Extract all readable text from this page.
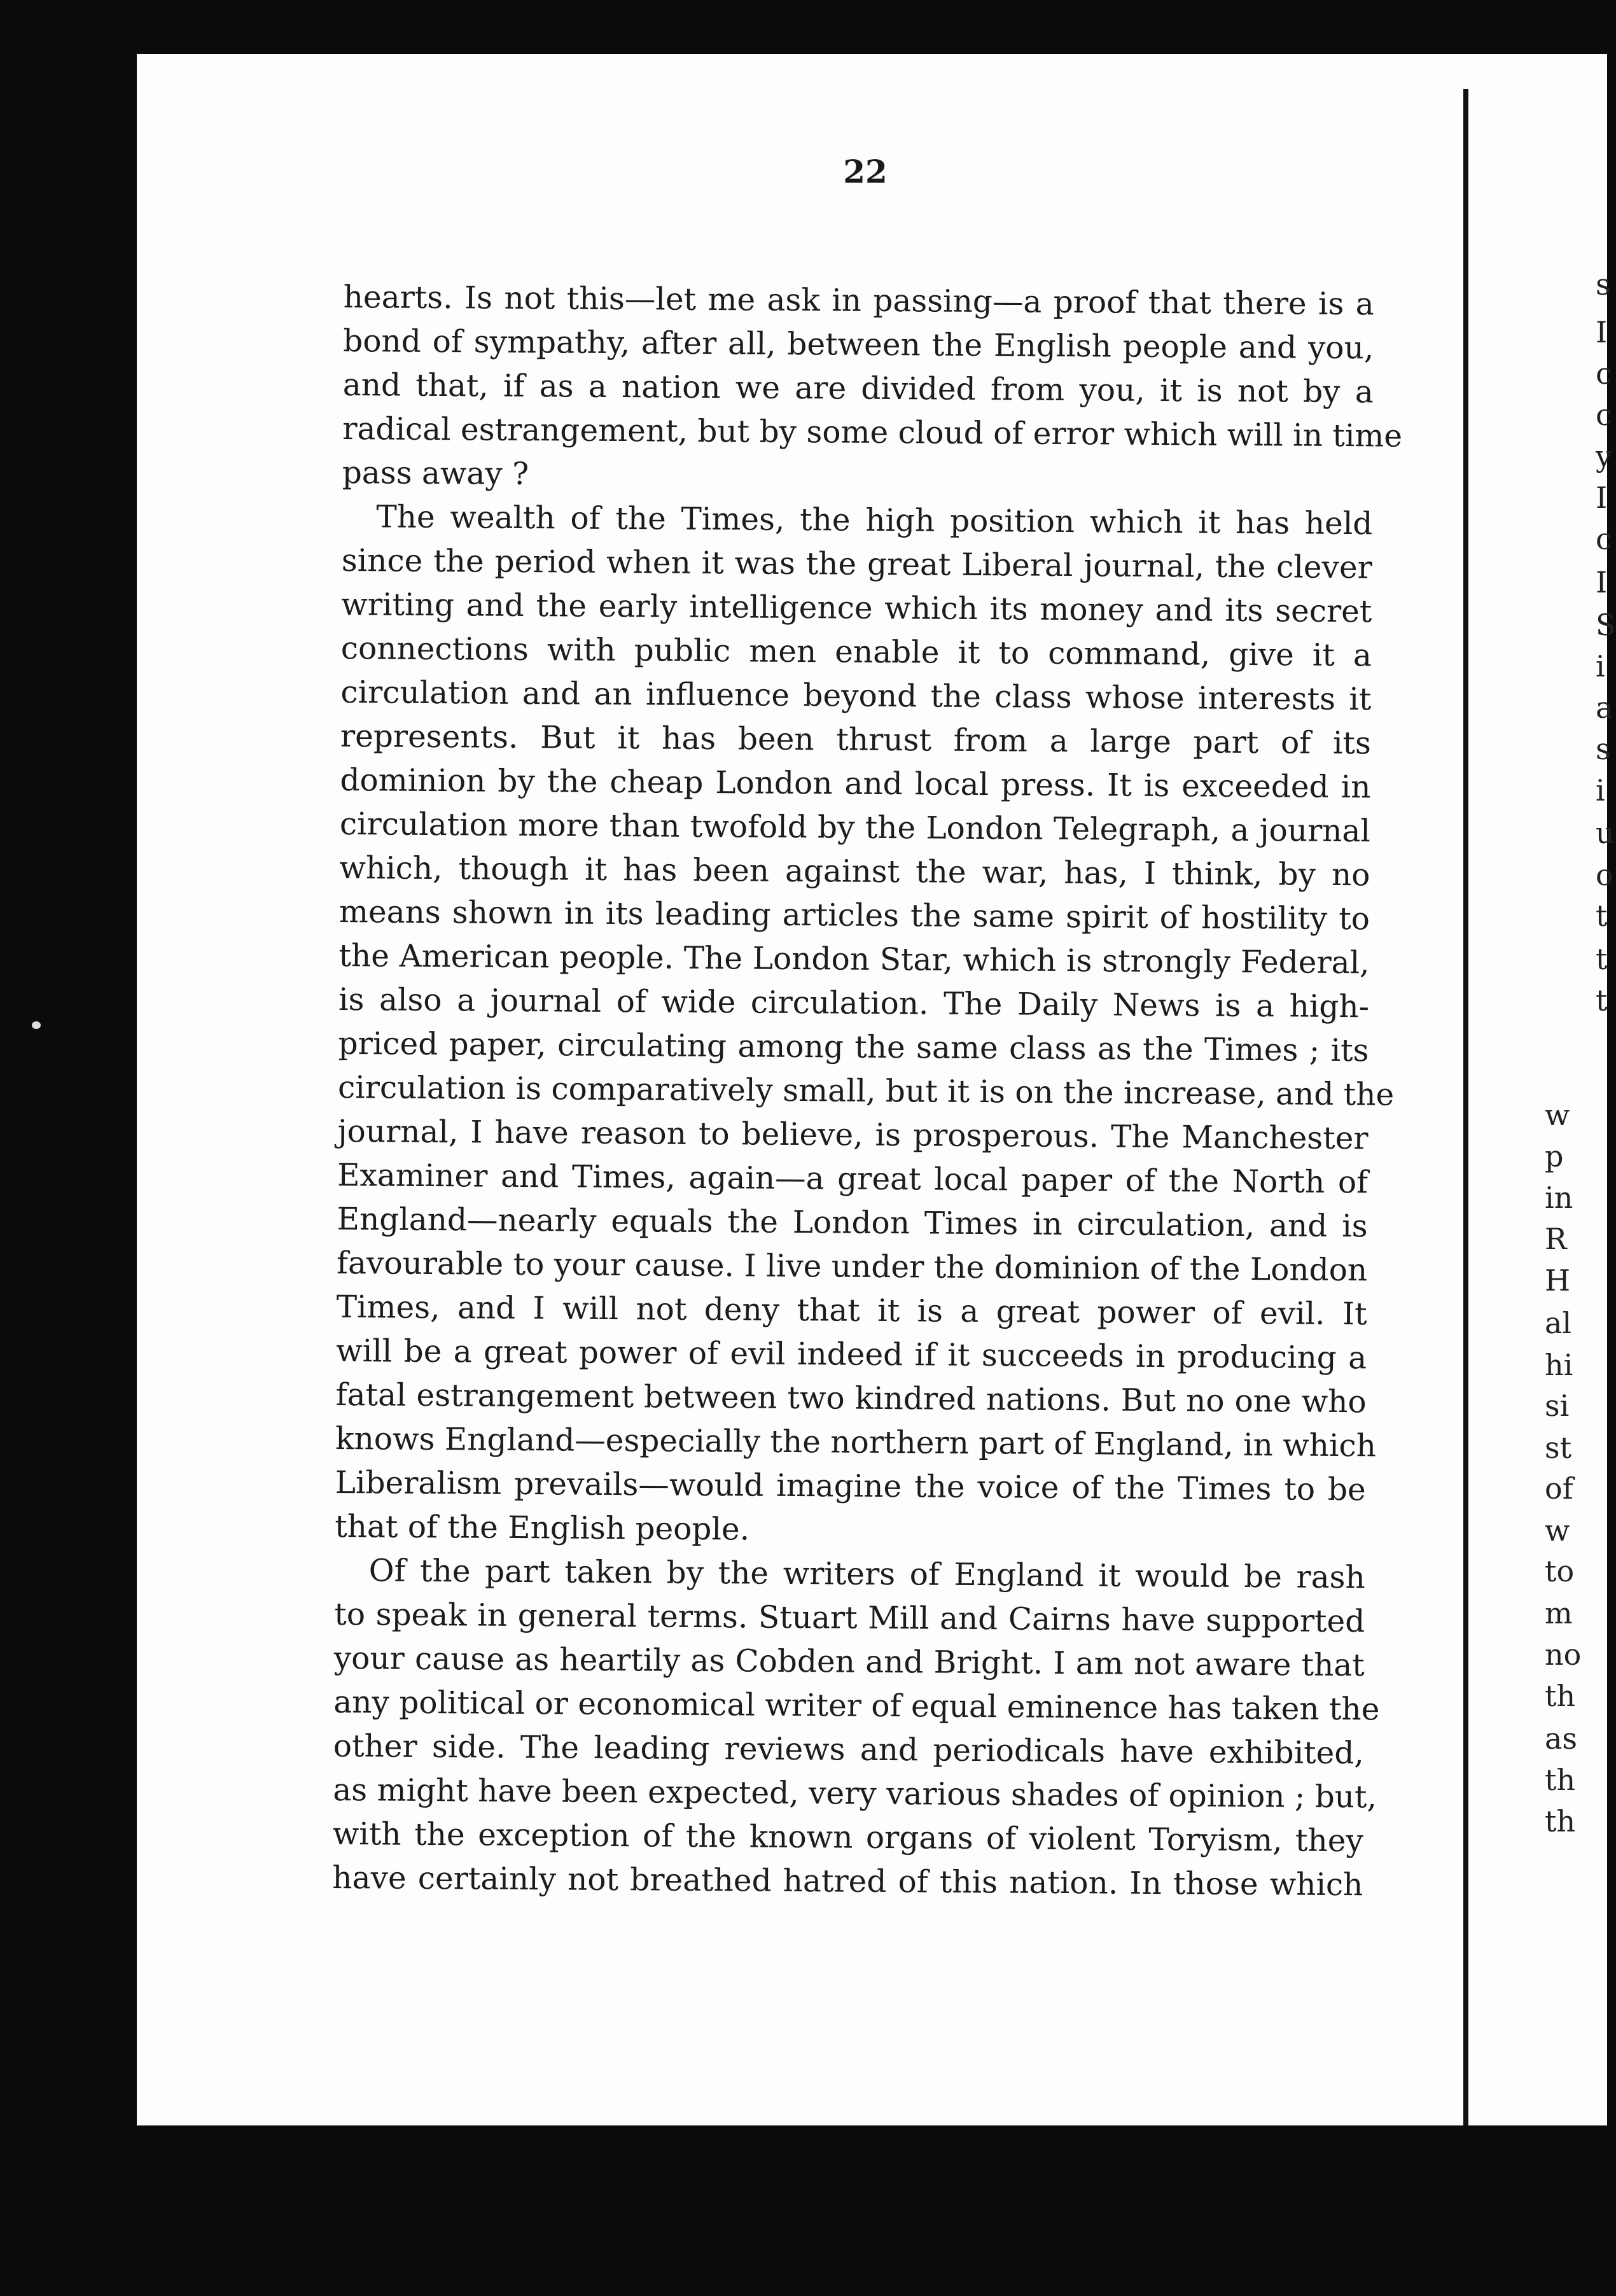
s
I
c
c
y
I
c
I
S
i
a
s
i
u
o
t
t
t
w
p
in
R
H
al
hi
si
st
of
w
to
m
no
th
as
th
th
22
hearts. Is not this—let me ask in passing—a proof that there is a
bond of sympathy, after all, between the English people and you,
and that, if as a nation we are divided from you, it is not by a
radical estrangement, but by some cloud of error which will in time
pass away ?
The wealth of the Times, the high position which it has held
since the period when it was the great Liberal journal, the clever
writing and the early intelligence which its money and its secret
connections with public men enable it to command, give it a
circulation and an influence beyond the class whose interests it
represents. But it has been thrust from a large part of its
dominion by the cheap London and local press. It is exceeded in
circulation more than twofold by the London Telegraph, a journal
which, though it has been against the war, has, I think, by no
means shown in its leading articles the same spirit of hostility to
the American people. The London Star, which is strongly Federal,
is also a journal of wide circulation. The Daily News is a high-
priced paper, circulating among the same class as the Times ; its
circulation is comparatively small, but it is on the increase, and the
journal, I have reason to believe, is prosperous. The Manchester
Examiner and Times, again—a great local paper of the North of
England—nearly equals the London Times in circulation, and is
favourable to your cause. I live under the dominion of the London
Times, and I will not deny that it is a great power of evil. It
will be a great power of evil indeed if it succeeds in producing a
fatal estrangement between two kindred nations. But no one who
knows England—especially the northern part of England, in which
Liberalism prevails—would imagine the voice of the Times to be
that of the English people.
Of the part taken by the writers of England it would be rash
to speak in general terms. Stuart Mill and Cairns have supported
your cause as heartily as Cobden and Bright. I am not aware that
any political or economical writer of equal eminence has taken the
other side. The leading reviews and periodicals have exhibited,
as might have been expected, very various shades of opinion ; but,
with the exception of the known organs of violent Toryism, they
have certainly not breathed hatred of this nation. In those which
